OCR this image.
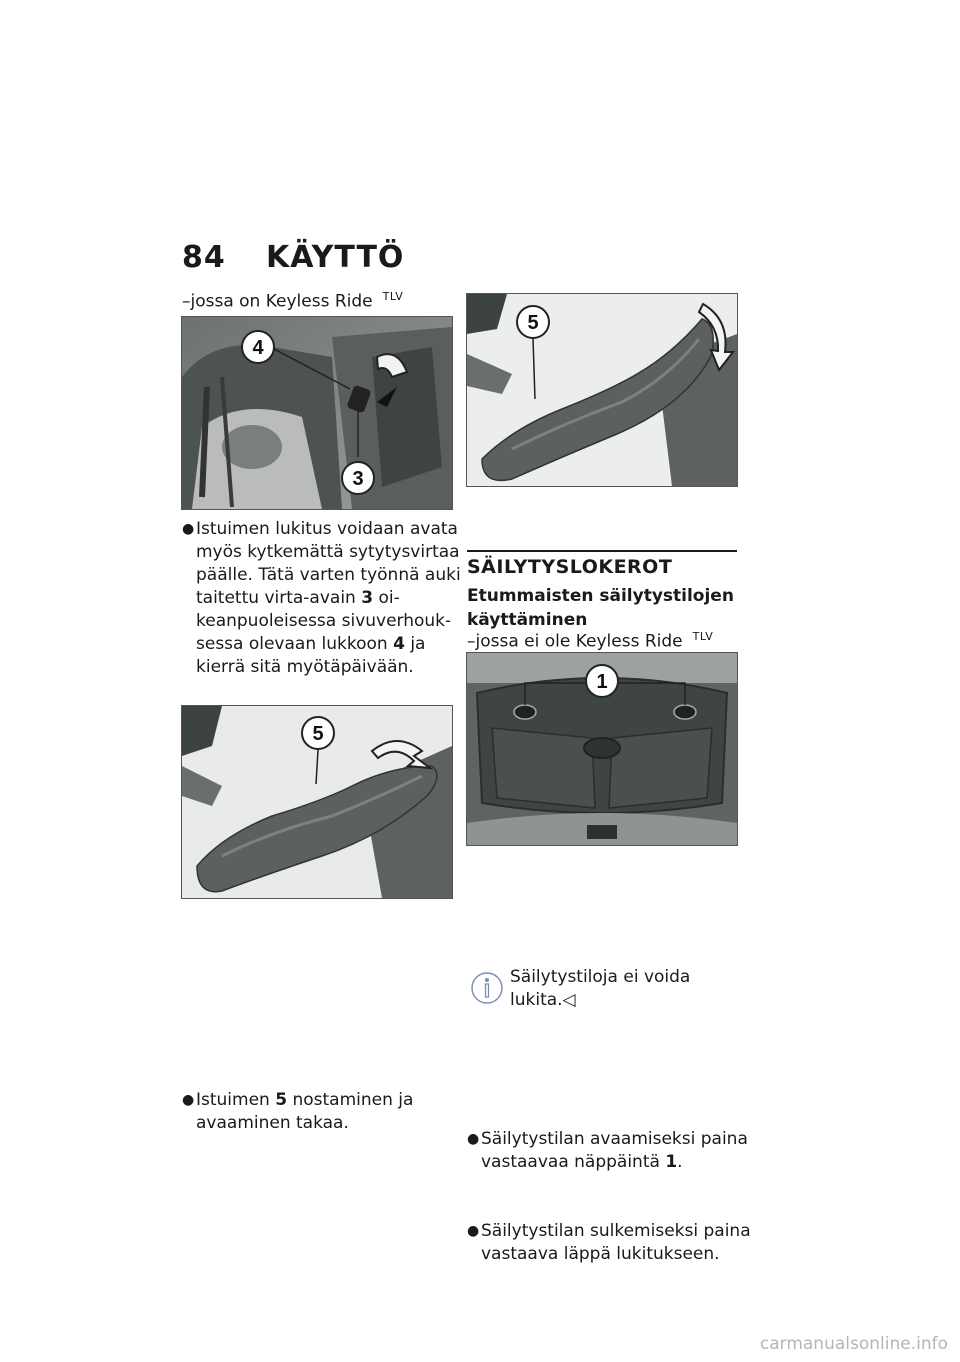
84 KÄYTTÖ
–jossa on Keyless Ride $^{TLV}$
4
3
● Istuimen lukitus voidaan avata myös kytkemättä sytytysvirtaa päälle. Tätä varten työnnä auki taitettu virta-avain 3 oikeanpuoleisessa sivuverhouksessa olevaan lukkoon 4 ja kierrä sitä myötäpäivään.
5
● Istuimen 5 nostaminen ja avaaminen takaa.
5
SÄILYTYSLOKEROT
Etummaisten säilytystilojen käyttäminen
–jossa ei ole Keyless Ride $^{TLV}$
1
● Säilytystilan avaamiseksi paina vastaavaa näppäintä 1.
● Säilytystilan sulkemiseksi paina vastaava läppä lukitukseen.
Säilytystiloja ei voida lukita.◁
carmanualsonline.info
